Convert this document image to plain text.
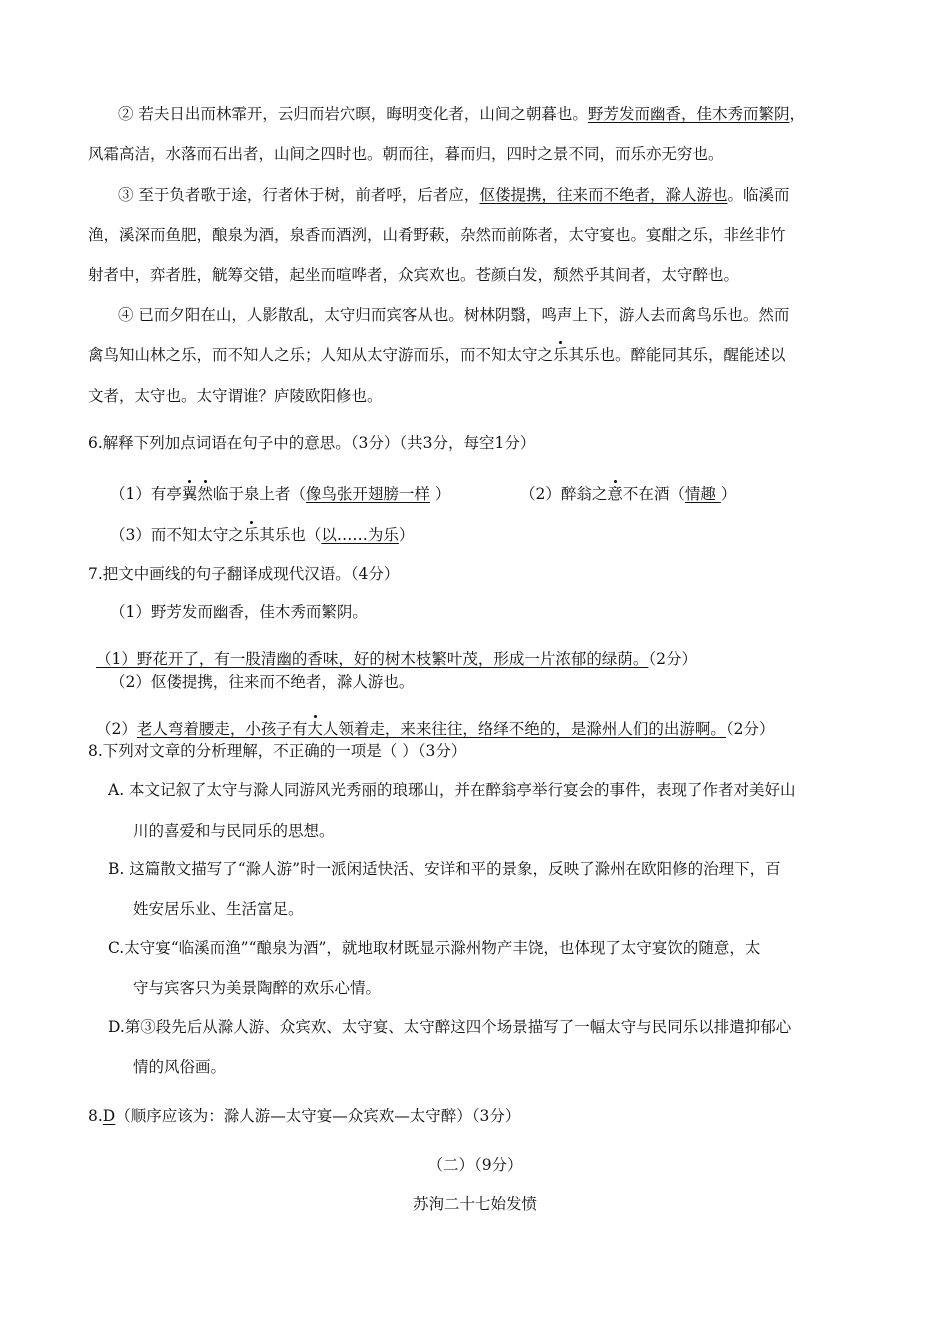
② 若夫日出而林霏开，云归而岩穴暝，晦明变化者，山间之朝暮也。野芳发而幽香，佳木秀而繁阴，
风霜高洁，水落而石出者，山间之四时也。朝而往，暮而归，四时之景不同，而乐亦无穷也。
③ 至于负者歌于途，行者休于树，前者呼，后者应，伛偻提携，往来而不绝者，滁人游也。临溪而
渔，溪深而鱼肥，酿泉为酒，泉香而酒洌，山肴野蔌，杂然而前陈者，太守宴也。宴酣之乐，非丝非竹
射者中，弈者胜，觥筹交错，起坐而喧哗者，众宾欢也。苍颜白发，颓然乎其间者，太守醉也。
④ 已而夕阳在山，人影散乱，太守归而宾客从也。树林阴翳，鸣声上下，游人去而禽鸟乐也。然而
禽鸟知山林之乐，而不知人之乐；人知从太守游而乐，而不知太守之乐其乐也。醉能同其乐，醒能述以
文者，太守也。太守谓谁？庐陵欧阳修也。
6.解释下列加点词语在句子中的意思。（3分）（共3分，每空1分）
（1）有亭翼然临于泉上者（像鸟张开翅膀一样 ）	（2）醉翁之意不在酒（情趣 ）
（3）而不知太守之乐其乐也（以……为乐）
7.把文中画线的句子翻译成现代汉语。（4分）
（1）野芳发而幽香，佳木秀而繁阴。
（1）野花开了，有一股清幽的香味，好的树木枝繁叶茂，形成一片浓郁的绿荫。（2分）
（2）伛偻提携，往来而不绝者，滁人游也。
（2）老人弯着腰走，小孩子有大人领着走，来来往往，络绎不绝的，是滁州人们的出游啊。（2分）
8.下列对文章的分析理解，不正确的一项是（ ）（3分）
A. 本文记叙了太守与滁人同游风光秀丽的琅琊山，并在醉翁亭举行宴会的事件，表现了作者对美好山
川的喜爱和与民同乐的思想。
B. 这篇散文描写了“滁人游”时一派闲适快活、安详和平的景象，反映了滁州在欧阳修的治理下，百
姓安居乐业、生活富足。
C.太守宴“临溪而渔”“酿泉为酒”，就地取材既显示滁州物产丰饶，也体现了太守宴饮的随意，太
守与宾客只为美景陶醉的欢乐心情。
D.第③段先后从滁人游、众宾欢、太守宴、太守醉这四个场景描写了一幅太守与民同乐以排遣抑郁心
情的风俗画。
8.D（顺序应该为：滁人游—太守宴—众宾欢—太守醉）（3分）
（二）（9分）
苏洵二十七始发愤
